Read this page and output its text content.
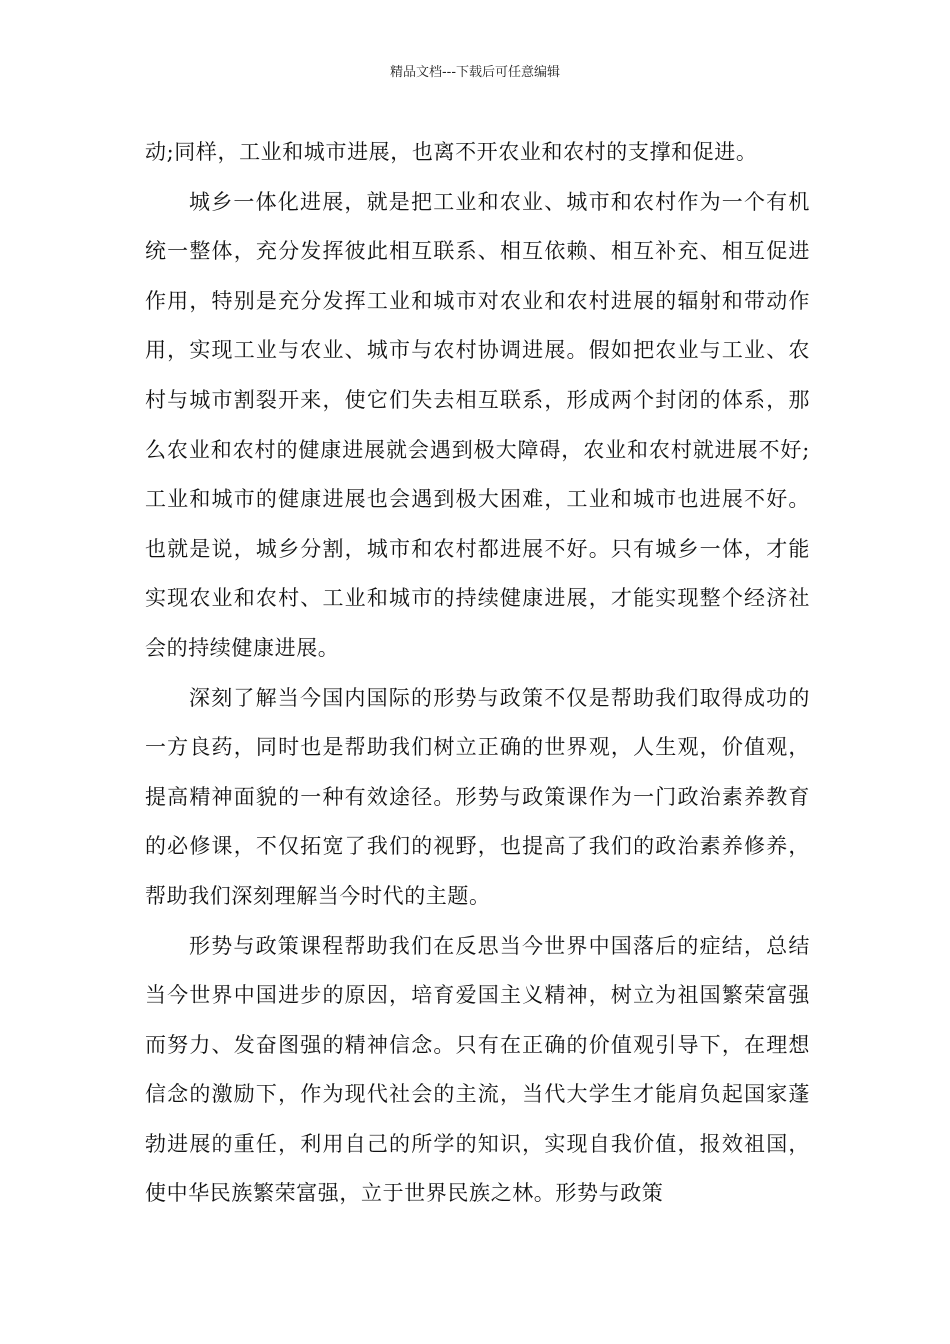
精品文档---下载后可任意编辑

动;同样，工业和城市进展，也离不开农业和农村的支撑和促进。

城乡一体化进展，就是把工业和农业、城市和农村作为一个有机统一整体，充分发挥彼此相互联系、相互依赖、相互补充、相互促进作用，特别是充分发挥工业和城市对农业和农村进展的辐射和带动作用，实现工业与农业、城市与农村协调进展。假如把农业与工业、农村与城市割裂开来，使它们失去相互联系，形成两个封闭的体系，那么农业和农村的健康进展就会遇到极大障碍，农业和农村就进展不好;工业和城市的健康进展也会遇到极大困难，工业和城市也进展不好。也就是说，城乡分割，城市和农村都进展不好。只有城乡一体，才能实现农业和农村、工业和城市的持续健康进展，才能实现整个经济社会的持续健康进展。

深刻了解当今国内国际的形势与政策不仅是帮助我们取得成功的一方良药，同时也是帮助我们树立正确的世界观，人生观，价值观，提高精神面貌的一种有效途径。形势与政策课作为一门政治素养教育的必修课，不仅拓宽了我们的视野，也提高了我们的政治素养修养，帮助我们深刻理解当今时代的主题。

形势与政策课程帮助我们在反思当今世界中国落后的症结，总结当今世界中国进步的原因，培育爱国主义精神，树立为祖国繁荣富强而努力、发奋图强的精神信念。只有在正确的价值观引导下，在理想信念的激励下，作为现代社会的主流，当代大学生才能肩负起国家蓬勃进展的重任，利用自己的所学的知识，实现自我价值，报效祖国，使中华民族繁荣富强，立于世界民族之林。形势与政策
